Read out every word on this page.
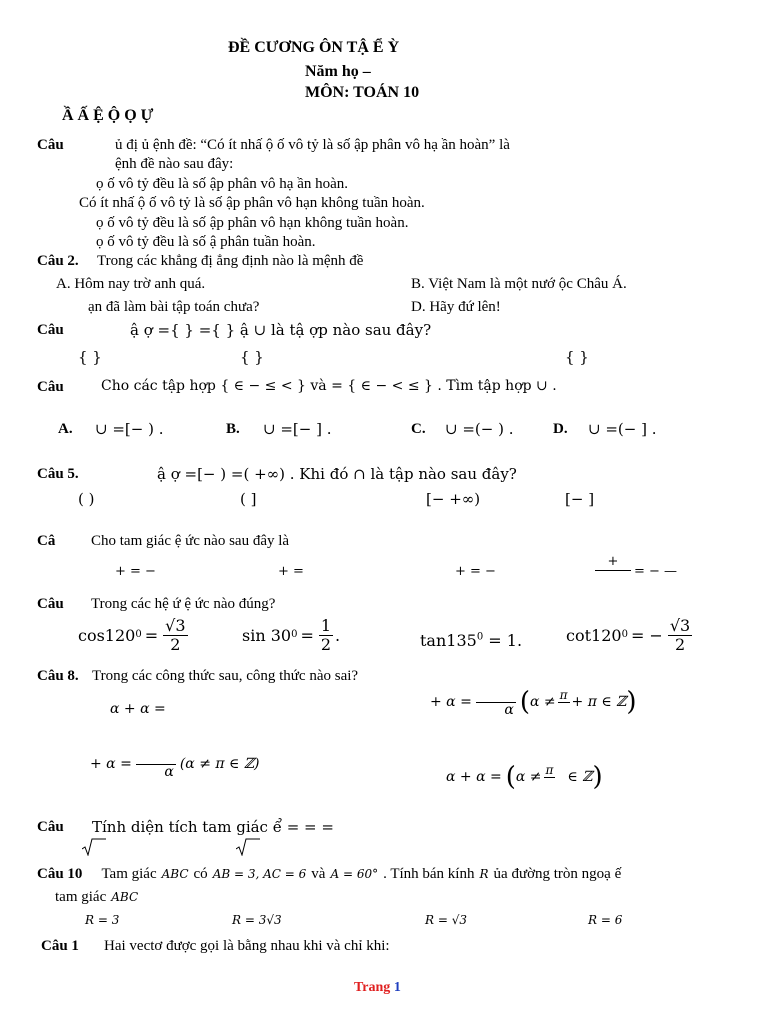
ĐỀ CƯƠNG ÔN TẬ Ể Ỳ
Năm họ –
MÔN: TOÁN 10
Ầ Ấ Ệ Ộ Ọ Ự
Câu	ủ đị ủ ệnh đề: “Có ít nhấ ộ ố vô tỷ là số ập phân vô hạ ần hoàn” là
ệnh đề nào sau đây:
ọ ố vô tỷ đều là số ập phân vô hạ ần hoàn.
Có ít nhấ ộ ố vô tỷ là số ập phân vô hạn không tuần hoàn.
ọ ố vô tỷ đều là số ập phân vô hạn không tuần hoàn.
ọ ố vô tỷ đều là số ậ phân tuần hoàn.
Câu 2. Trong các khẳng đị ẳng định nào là mệnh đề
A. Hôm nay trờ anh quá.	B. Việt Nam là một nướ ộc Châu Á.
ạn đã làm bài tập toán chưa?	D. Hãy đứ lên!
Câu	ậ ợ ={ } ={ } ậ ∪ là tậ ợp nào sau đây?
{ }	{ }	{ }
Câu	Cho các tập hợp { ∈ − ≤ < } và = { ∈ − < ≤ } . Tìm tập hợp ∪ .
A. ∪ =[− ) .	B. ∪ =[− ] .	C. ∪ =(− ) .	D. ∪ =(− ] .
Câu 5.	ậ ợ =[− ) =( +∞) . Khi đó ∩ là tập nào sau đây?
( )	( ]	[− +∞)	[− ]
Câ Cho tam giác ệ ức nào sau đây là
+ = −	+ =	+ = −
+
= − —
Câu Trong các hệ ứ ệ ức nào đúng?
cos120 $0 = \frac{√3}{2}$	sin 30 $0 = \frac{1}{2}$ .	$\tan 135^0 = 1$.	cot120 0 = − $\frac{√3}{2}$
Câu 8. Trong các công thức sau, công thức nào sai?
α + α =	+ α =
α ( α ≠ π
+ π ∈ ℤ )
+ α =
α (α ≠ π ∈ ℤ)
α + α = ( α ≠ π
∈ ℤ )
Câu Tính diện tích tam giác ể = = =
Câu 10 Tam giác ABC có AB = 3, AC = 6 và A = 60° . Tính bán kính R ủa đường tròn ngoạ ế
tam giác ABC
R = 3	R = 3√3	R = √3	R = 6
Câu 1 Hai vectơ được gọi là bằng nhau khi và chỉ khi:
Trang 1
